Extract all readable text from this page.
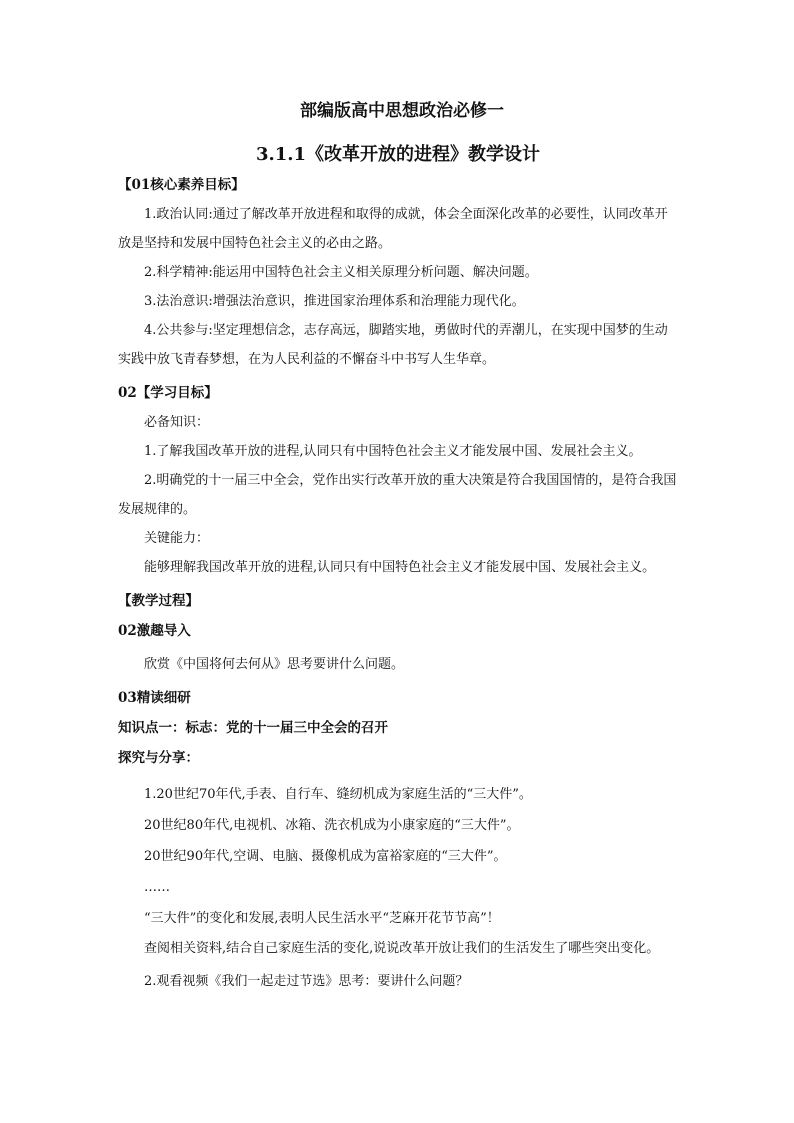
部编版高中思想政治必修一
3.1.1《改革开放的进程》教学设计
【01核心素养目标】

1.政治认同:通过了解改革开放进程和取得的成就，体会全面深化改革的必要性，认同改革开放是坚持和发展中国特色社会主义的必由之路。

2.科学精神:能运用中国特色社会主义相关原理分析问题、解决问题。

3.法治意识:增强法治意识，推进国家治理体系和治理能力现代化。

4.公共参与:坚定理想信念，志存高远，脚踏实地，勇做时代的弄潮儿，在实现中国梦的生动实践中放飞青春梦想，在为人民利益的不懈奋斗中书写人生华章。

02【学习目标】

必备知识：

1.了解我国改革开放的进程,认同只有中国特色社会主义才能发展中国、发展社会主义。

2.明确党的十一届三中全会，党作出实行改革开放的重大决策是符合我国国情的，是符合我国发展规律的。

关键能力：

能够理解我国改革开放的进程,认同只有中国特色社会主义才能发展中国、发展社会主义。

【教学过程】
02激趣导入

欣赏《中国将何去何从》思考要讲什么问题。

03精读细研
知识点一：标志：党的十一届三中全会的召开
探究与分享：
1.20世纪70年代,手表、自行车、缝纫机成为家庭生活的“三大件”。
20世纪80年代,电视机、冰箱、洗衣机成为小康家庭的“三大件”。
20世纪90年代,空调、电脑、摄像机成为富裕家庭的“三大件”。
……
“三大件”的变化和发展,表明人民生活水平“芝麻开花节节高”！

查阅相关资料,结合自己家庭生活的变化,说说改革开放让我们的生活发生了哪些突出变化。

2.观看视频《我们一起走过节选》思考：要讲什么问题？
